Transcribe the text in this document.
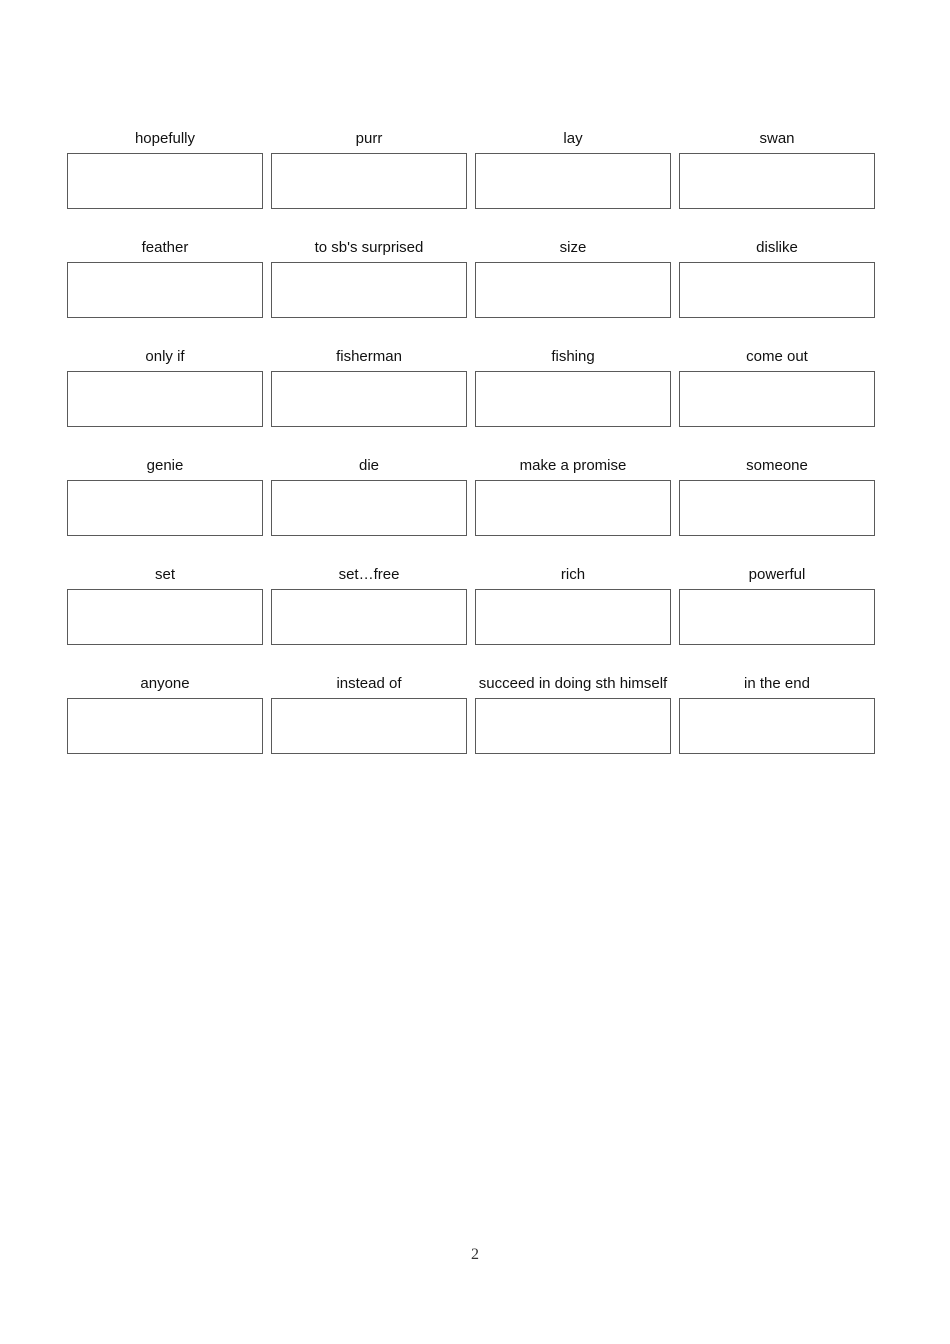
hopefully	purr	lay	swan
feather	to sb's surprised	size	dislike
only if	fisherman	fishing	come out
genie	die	make a promise	someone
set	set…free	rich	powerful
anyone	instead of	succeed in doing sth himself	in the end
2
